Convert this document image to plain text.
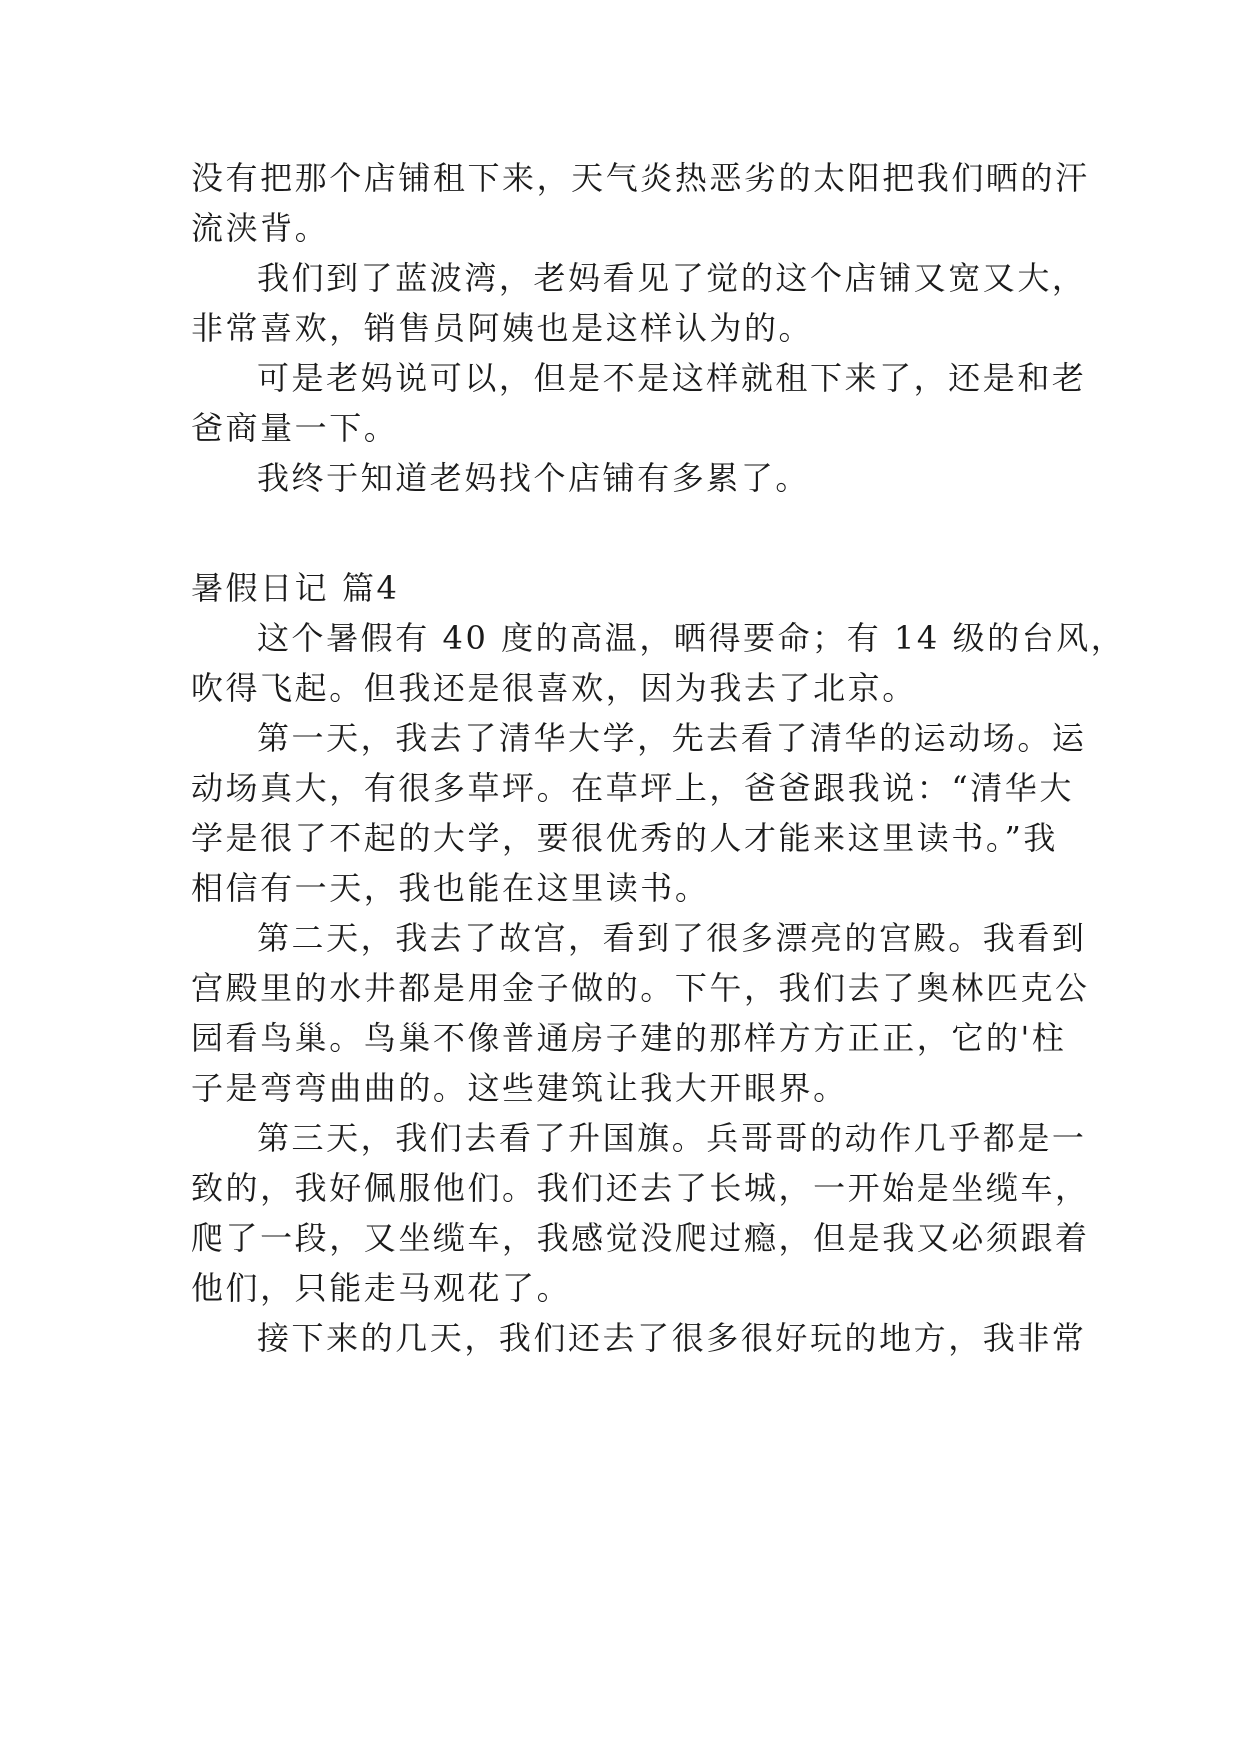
没有把那个店铺租下来，天气炎热恶劣的太阳把我们晒的汗
流浃背。
我们到了蓝波湾，老妈看见了觉的这个店铺又宽又大，
非常喜欢，销售员阿姨也是这样认为的。
可是老妈说可以，但是不是这样就租下来了，还是和老
爸商量一下。
我终于知道老妈找个店铺有多累了。
暑假日记 篇4
这个暑假有 40 度的高温，晒得要命；有 14 级的台风，
吹得飞起。但我还是很喜欢，因为我去了北京。
第一天，我去了清华大学，先去看了清华的运动场。运
动场真大，有很多草坪。在草坪上，爸爸跟我说：“清华大
学是很了不起的大学，要很优秀的人才能来这里读书。”我
相信有一天，我也能在这里读书。
第二天，我去了故宫，看到了很多漂亮的宫殿。我看到
宫殿里的水井都是用金子做的。下午，我们去了奥林匹克公
园看鸟巢。鸟巢不像普通房子建的那样方方正正，它的'柱
子是弯弯曲曲的。这些建筑让我大开眼界。
第三天，我们去看了升国旗。兵哥哥的动作几乎都是一
致的，我好佩服他们。我们还去了长城，一开始是坐缆车，
爬了一段，又坐缆车，我感觉没爬过瘾，但是我又必须跟着
他们，只能走马观花了。
接下来的几天，我们还去了很多很好玩的地方，我非常
